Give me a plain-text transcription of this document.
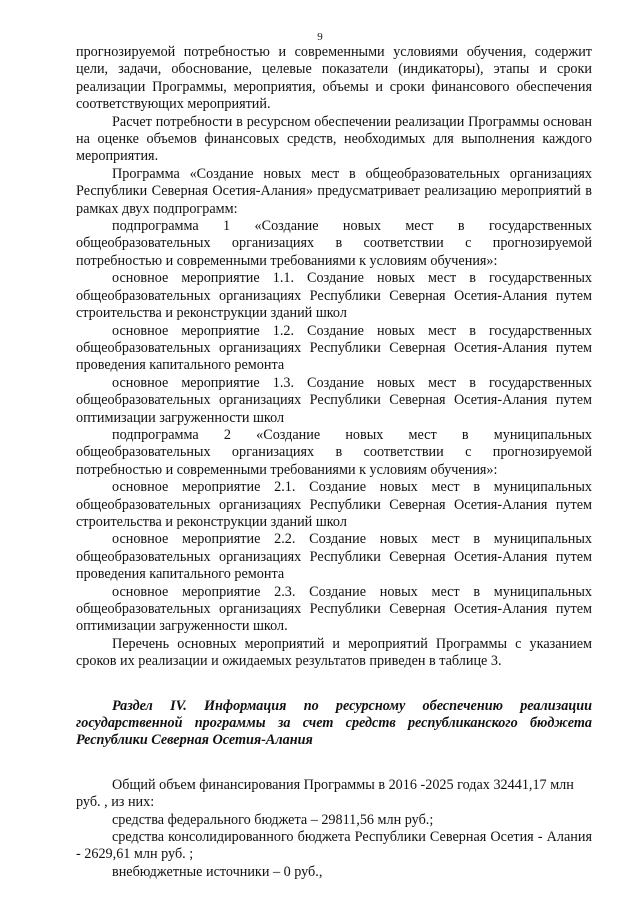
9

прогнозируемой потребностью и современными условиями обучения, содержит цели, задачи, обоснование, целевые показатели (индикаторы), этапы и сроки реализации Программы, мероприятия, объемы и сроки финансового обеспечения соответствующих мероприятий.

Расчет потребности в ресурсном обеспечении реализации Программы основан на оценке объемов финансовых средств, необходимых для выполнения каждого мероприятия.

Программа «Создание новых мест в общеобразовательных организациях Республики Северная Осетия-Алания» предусматривает реализацию мероприятий в рамках двух подпрограмм:

подпрограмма 1 «Создание новых мест в государственных общеобразовательных организациях в соответствии с прогнозируемой потребностью и современными требованиями к условиям обучения»:

основное мероприятие 1.1. Создание новых мест в государственных общеобразовательных организациях Республики Северная Осетия-Алания путем строительства и реконструкции зданий школ

основное мероприятие 1.2. Создание новых мест в государственных общеобразовательных организациях Республики Северная Осетия-Алания путем проведения капитального ремонта

основное мероприятие 1.3. Создание новых мест в государственных общеобразовательных организациях Республики Северная Осетия-Алания путем оптимизации загруженности школ

подпрограмма 2 «Создание новых мест в муниципальных общеобразовательных организациях в соответствии с прогнозируемой потребностью и современными требованиями к условиям обучения»:

основное мероприятие 2.1. Создание новых мест в муниципальных общеобразовательных организациях Республики Северная Осетия-Алания путем строительства и реконструкции зданий школ

основное мероприятие 2.2. Создание новых мест в муниципальных общеобразовательных организациях Республики Северная Осетия-Алания путем проведения капитального ремонта

основное мероприятие 2.3. Создание новых мест в муниципальных общеобразовательных организациях Республики Северная Осетия-Алания путем оптимизации загруженности школ.

Перечень основных мероприятий и мероприятий Программы с указанием сроков их реализации и ожидаемых результатов приведен в таблице 3.

Раздел IV. Информация по ресурсному обеспечению реализации государственной программы за счет средств республиканского бюджета Республики Северная Осетия-Алания

Общий объем финансирования Программы в 2016 -2025 годах 32441,17 млн руб. , из них:

средства федерального бюджета – 29811,56 млн руб.;

средства консолидированного бюджета Республики Северная Осетия - Алания - 2629,61 млн руб. ;

внебюджетные источники – 0 руб.,
